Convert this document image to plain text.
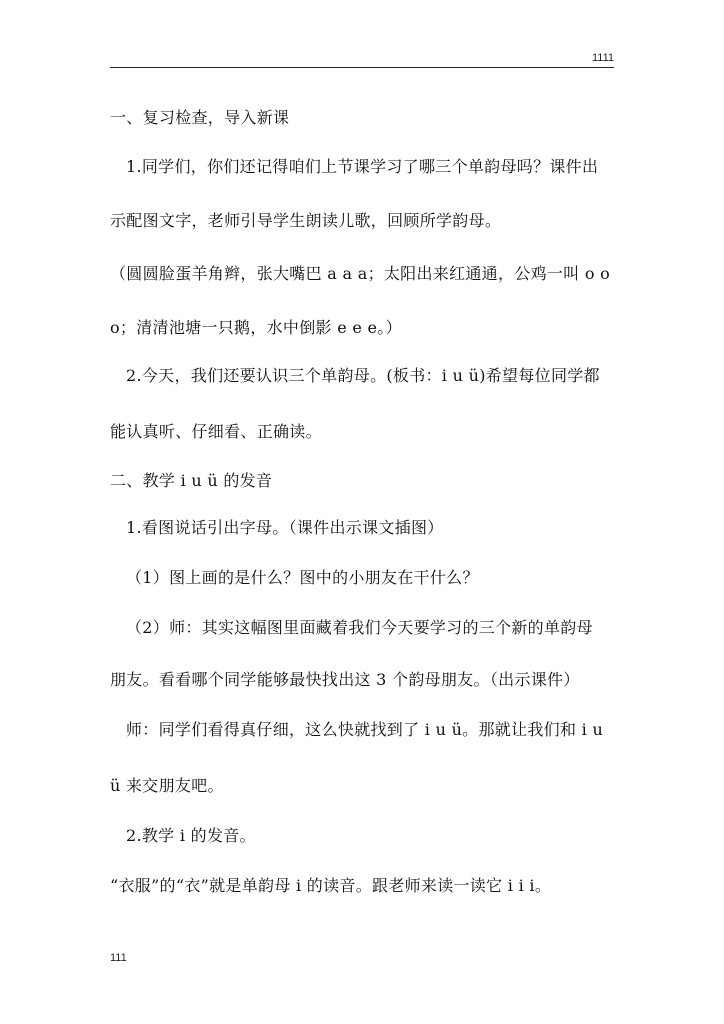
1111
一、复习检查，导入新课
1.同学们，你们还记得咱们上节课学习了哪三个单韵母吗？课件出
示配图文字，老师引导学生朗读儿歌，回顾所学韵母。
（圆圆脸蛋羊角辫，张大嘴巴 a a a；太阳出来红通通，公鸡一叫 o o
o；清清池塘一只鹅，水中倒影 e e e。）
2.今天，我们还要认识三个单韵母。(板书：i u ü)希望每位同学都
能认真听、仔细看、正确读。
二、教学 i u ü 的发音
1.看图说话引出字母。（课件出示课文插图）
（1）图上画的是什么？图中的小朋友在干什么？
（2）师：其实这幅图里面藏着我们今天要学习的三个新的单韵母
朋友。看看哪个同学能够最快找出这 3 个韵母朋友。（出示课件）
师：同学们看得真仔细，这么快就找到了 i u ü。那就让我们和 i u
ü 来交朋友吧。
2.教学 i 的发音。
“衣服”的“衣”就是单韵母 i 的读音。跟老师来读一读它 i i i。
111
